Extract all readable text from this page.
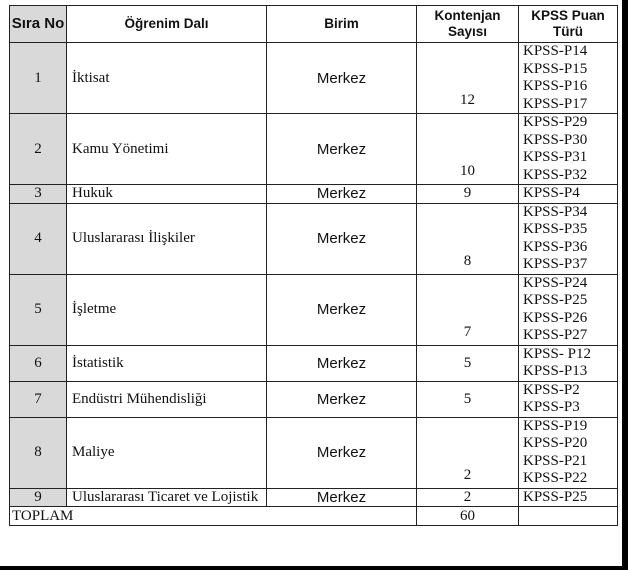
Sıra No	Öğrenim Dalı	Birim	Kontenjan Sayısı	KPSS Puan Türü
1	İktisat	Merkez	12	KPSS-P14
KPSS-P15
KPSS-P16
KPSS-P17

2	Kamu Yönetimi	Merkez	10	KPSS-P29
KPSS-P30
KPSS-P31
KPSS-P32

3	Hukuk	Merkez	9	KPSS-P4

4	Uluslararası İlişkiler	Merkez	8	KPSS-P34
KPSS-P35
KPSS-P36
KPSS-P37

5	İşletme	Merkez	7	KPSS-P24
KPSS-P25
KPSS-P26
KPSS-P27

6	İstatistik	Merkez	5	KPSS- P12
KPSS-P13

7	Endüstri Mühendisliği	Merkez	5	KPSS-P2
KPSS-P3

8	Maliye	Merkez	2	KPSS-P19
KPSS-P20
KPSS-P21
KPSS-P22

9	Uluslararası Ticaret ve Lojistik	Merkez	2	KPSS-P25

TOPLAM			60	
